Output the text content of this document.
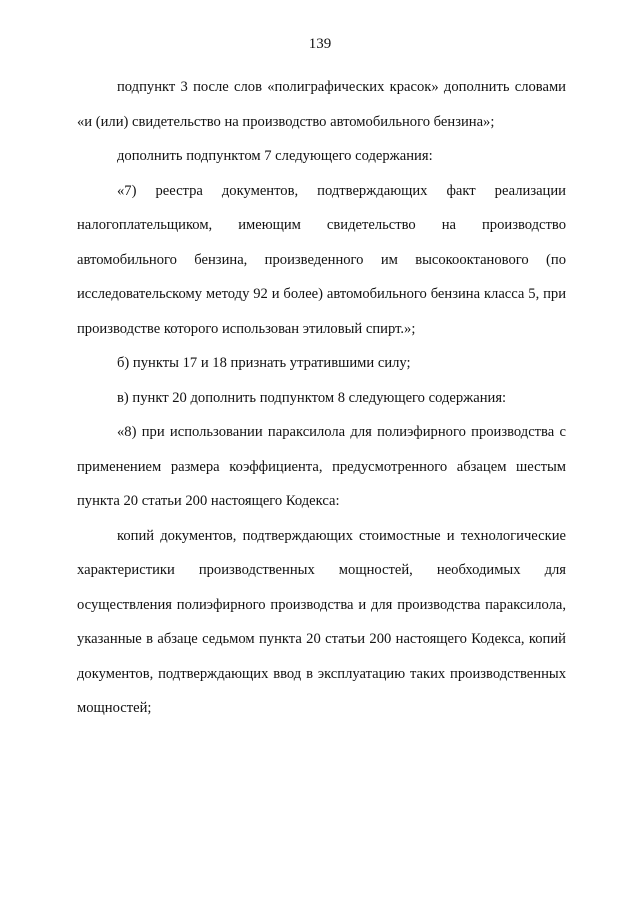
139

подпункт 3 после слов «полиграфических красок» дополнить словами «и (или) свидетельство на производство автомобильного бензина»;

дополнить подпунктом 7 следующего содержания:

«7) реестра документов, подтверждающих факт реализации налогоплательщиком, имеющим свидетельство на производство автомобильного бензина, произведенного им высокооктанового (по исследовательскому методу 92 и более) автомобильного бензина класса 5, при производстве которого использован этиловый спирт.»;

б) пункты 17 и 18 признать утратившими силу;

в) пункт 20 дополнить подпунктом 8 следующего содержания:

«8) при использовании параксилола для полиэфирного производства с применением размера коэффициента, предусмотренного абзацем шестым пункта 20 статьи 200 настоящего Кодекса:

копий документов, подтверждающих стоимостные и технологические характеристики производственных мощностей, необходимых для осуществления полиэфирного производства и для производства параксилола, указанные в абзаце седьмом пункта 20 статьи 200 настоящего Кодекса, копий документов, подтверждающих ввод в эксплуатацию таких производственных мощностей;
